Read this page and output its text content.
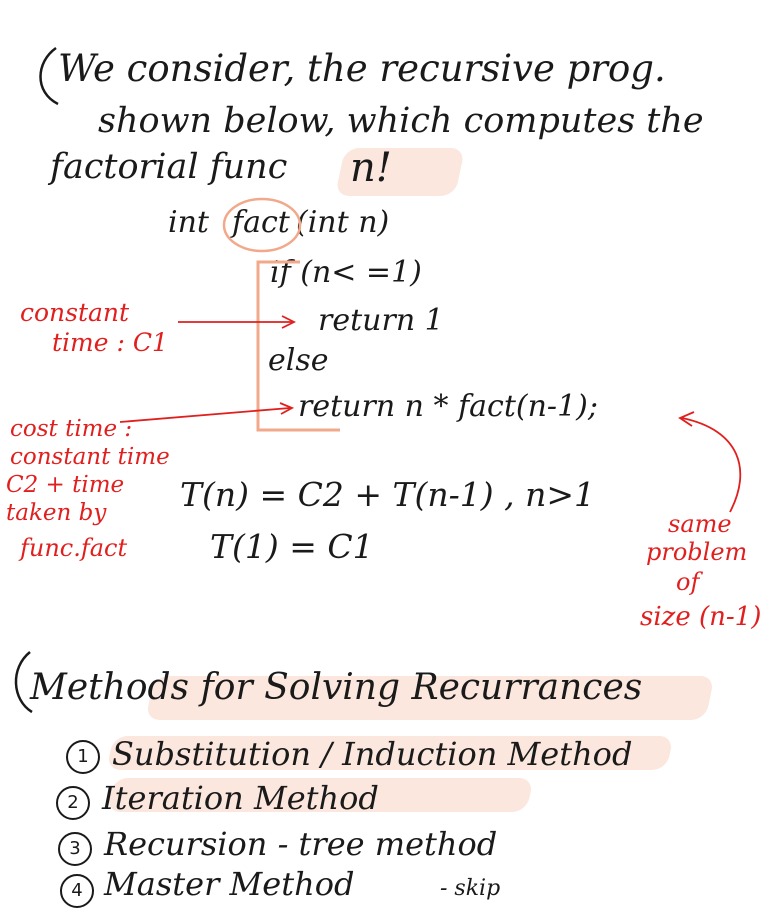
We consider, the recursive prog.
shown below, which computes the
factorial func n!
int fact (int n)
if (n< =1)
return 1
else
return n * fact(n-1);
constant
time : C1
cost time :
constant time
C2 + time
taken by
func.fact
T(n) = C2 + T(n-1) , n>1
T(1) = C1
same
problem
of
size (n-1)
Methods for Solving Recurrances
1 Substitution / Induction Method
2 Iteration Method
3 Recursion - tree method
4 Master Method	- skip
